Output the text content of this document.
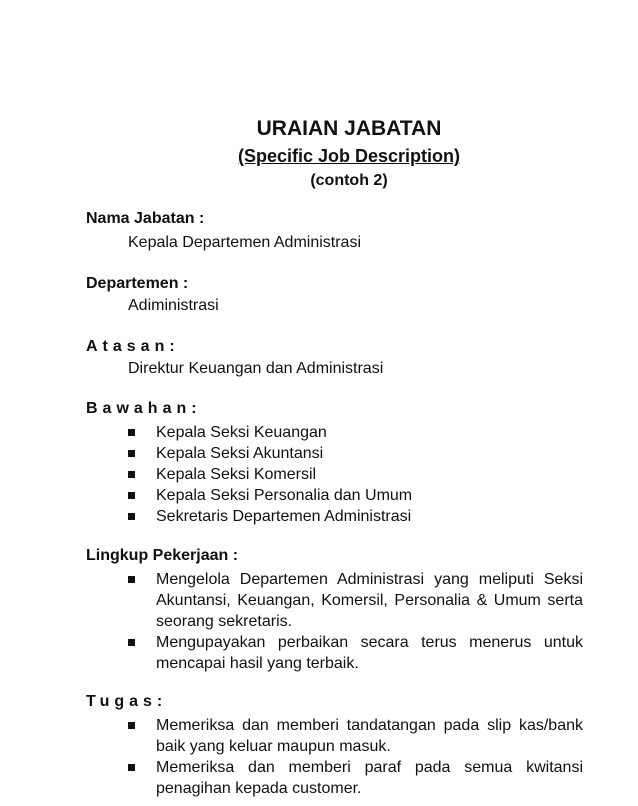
URAIAN JABATAN
(Specific Job Description)
(contoh 2)
Nama Jabatan :
Kepala Departemen Administrasi
Departemen :
Adiministrasi
Atasan:
Direktur Keuangan dan Administrasi
Bawahan:
Kepala Seksi Keuangan
Kepala Seksi Akuntansi
Kepala Seksi Komersil
Kepala Seksi Personalia dan Umum
Sekretaris Departemen Administrasi
Lingkup Pekerjaan :
Mengelola Departemen Administrasi yang meliputi Seksi Akuntansi, Keuangan, Komersil, Personalia & Umum serta seorang sekretaris.
Mengupayakan perbaikan secara terus menerus untuk mencapai hasil yang terbaik.
Tugas:
Memeriksa dan memberi tandatangan pada slip kas/bank baik yang keluar maupun masuk.
Memeriksa dan memberi paraf pada semua kwitansi penagihan kepada customer.
